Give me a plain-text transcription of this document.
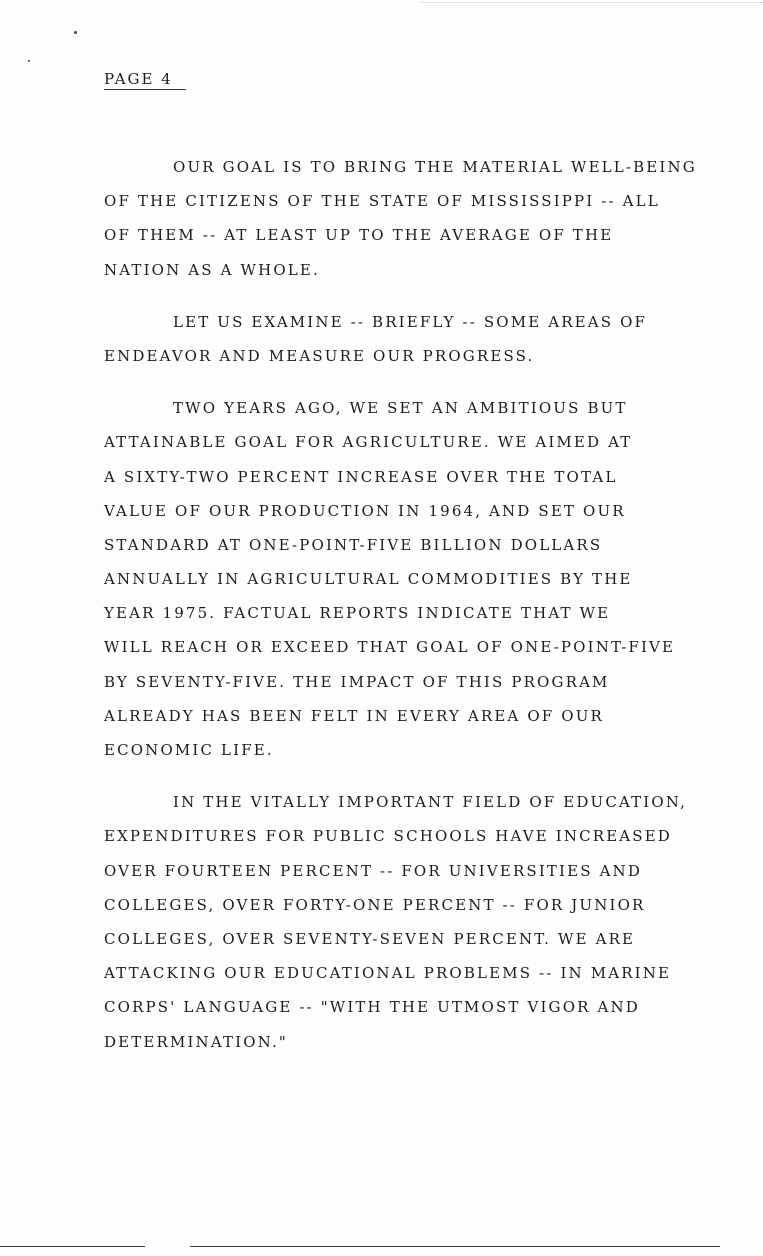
PAGE 4
OUR GOAL IS TO BRING THE MATERIAL WELL-BEING
OF THE CITIZENS OF THE STATE OF MISSISSIPPI -- ALL
OF THEM -- AT LEAST UP TO THE AVERAGE OF THE
NATION AS A WHOLE.
LET US EXAMINE -- BRIEFLY -- SOME AREAS OF
ENDEAVOR AND MEASURE OUR PROGRESS.
TWO YEARS AGO, WE SET AN AMBITIOUS BUT
ATTAINABLE GOAL FOR AGRICULTURE. WE AIMED AT
A SIXTY-TWO PERCENT INCREASE OVER THE TOTAL
VALUE OF OUR PRODUCTION IN 1964, AND SET OUR
STANDARD AT ONE-POINT-FIVE BILLION DOLLARS
ANNUALLY IN AGRICULTURAL COMMODITIES BY THE
YEAR 1975. FACTUAL REPORTS INDICATE THAT WE
WILL REACH OR EXCEED THAT GOAL OF ONE-POINT-FIVE
BY SEVENTY-FIVE. THE IMPACT OF THIS PROGRAM
ALREADY HAS BEEN FELT IN EVERY AREA OF OUR
ECONOMIC LIFE.
IN THE VITALLY IMPORTANT FIELD OF EDUCATION,
EXPENDITURES FOR PUBLIC SCHOOLS HAVE INCREASED
OVER FOURTEEN PERCENT -- FOR UNIVERSITIES AND
COLLEGES, OVER FORTY-ONE PERCENT -- FOR JUNIOR
COLLEGES, OVER SEVENTY-SEVEN PERCENT. WE ARE
ATTACKING OUR EDUCATIONAL PROBLEMS -- IN MARINE
CORPS' LANGUAGE -- "WITH THE UTMOST VIGOR AND
DETERMINATION."
